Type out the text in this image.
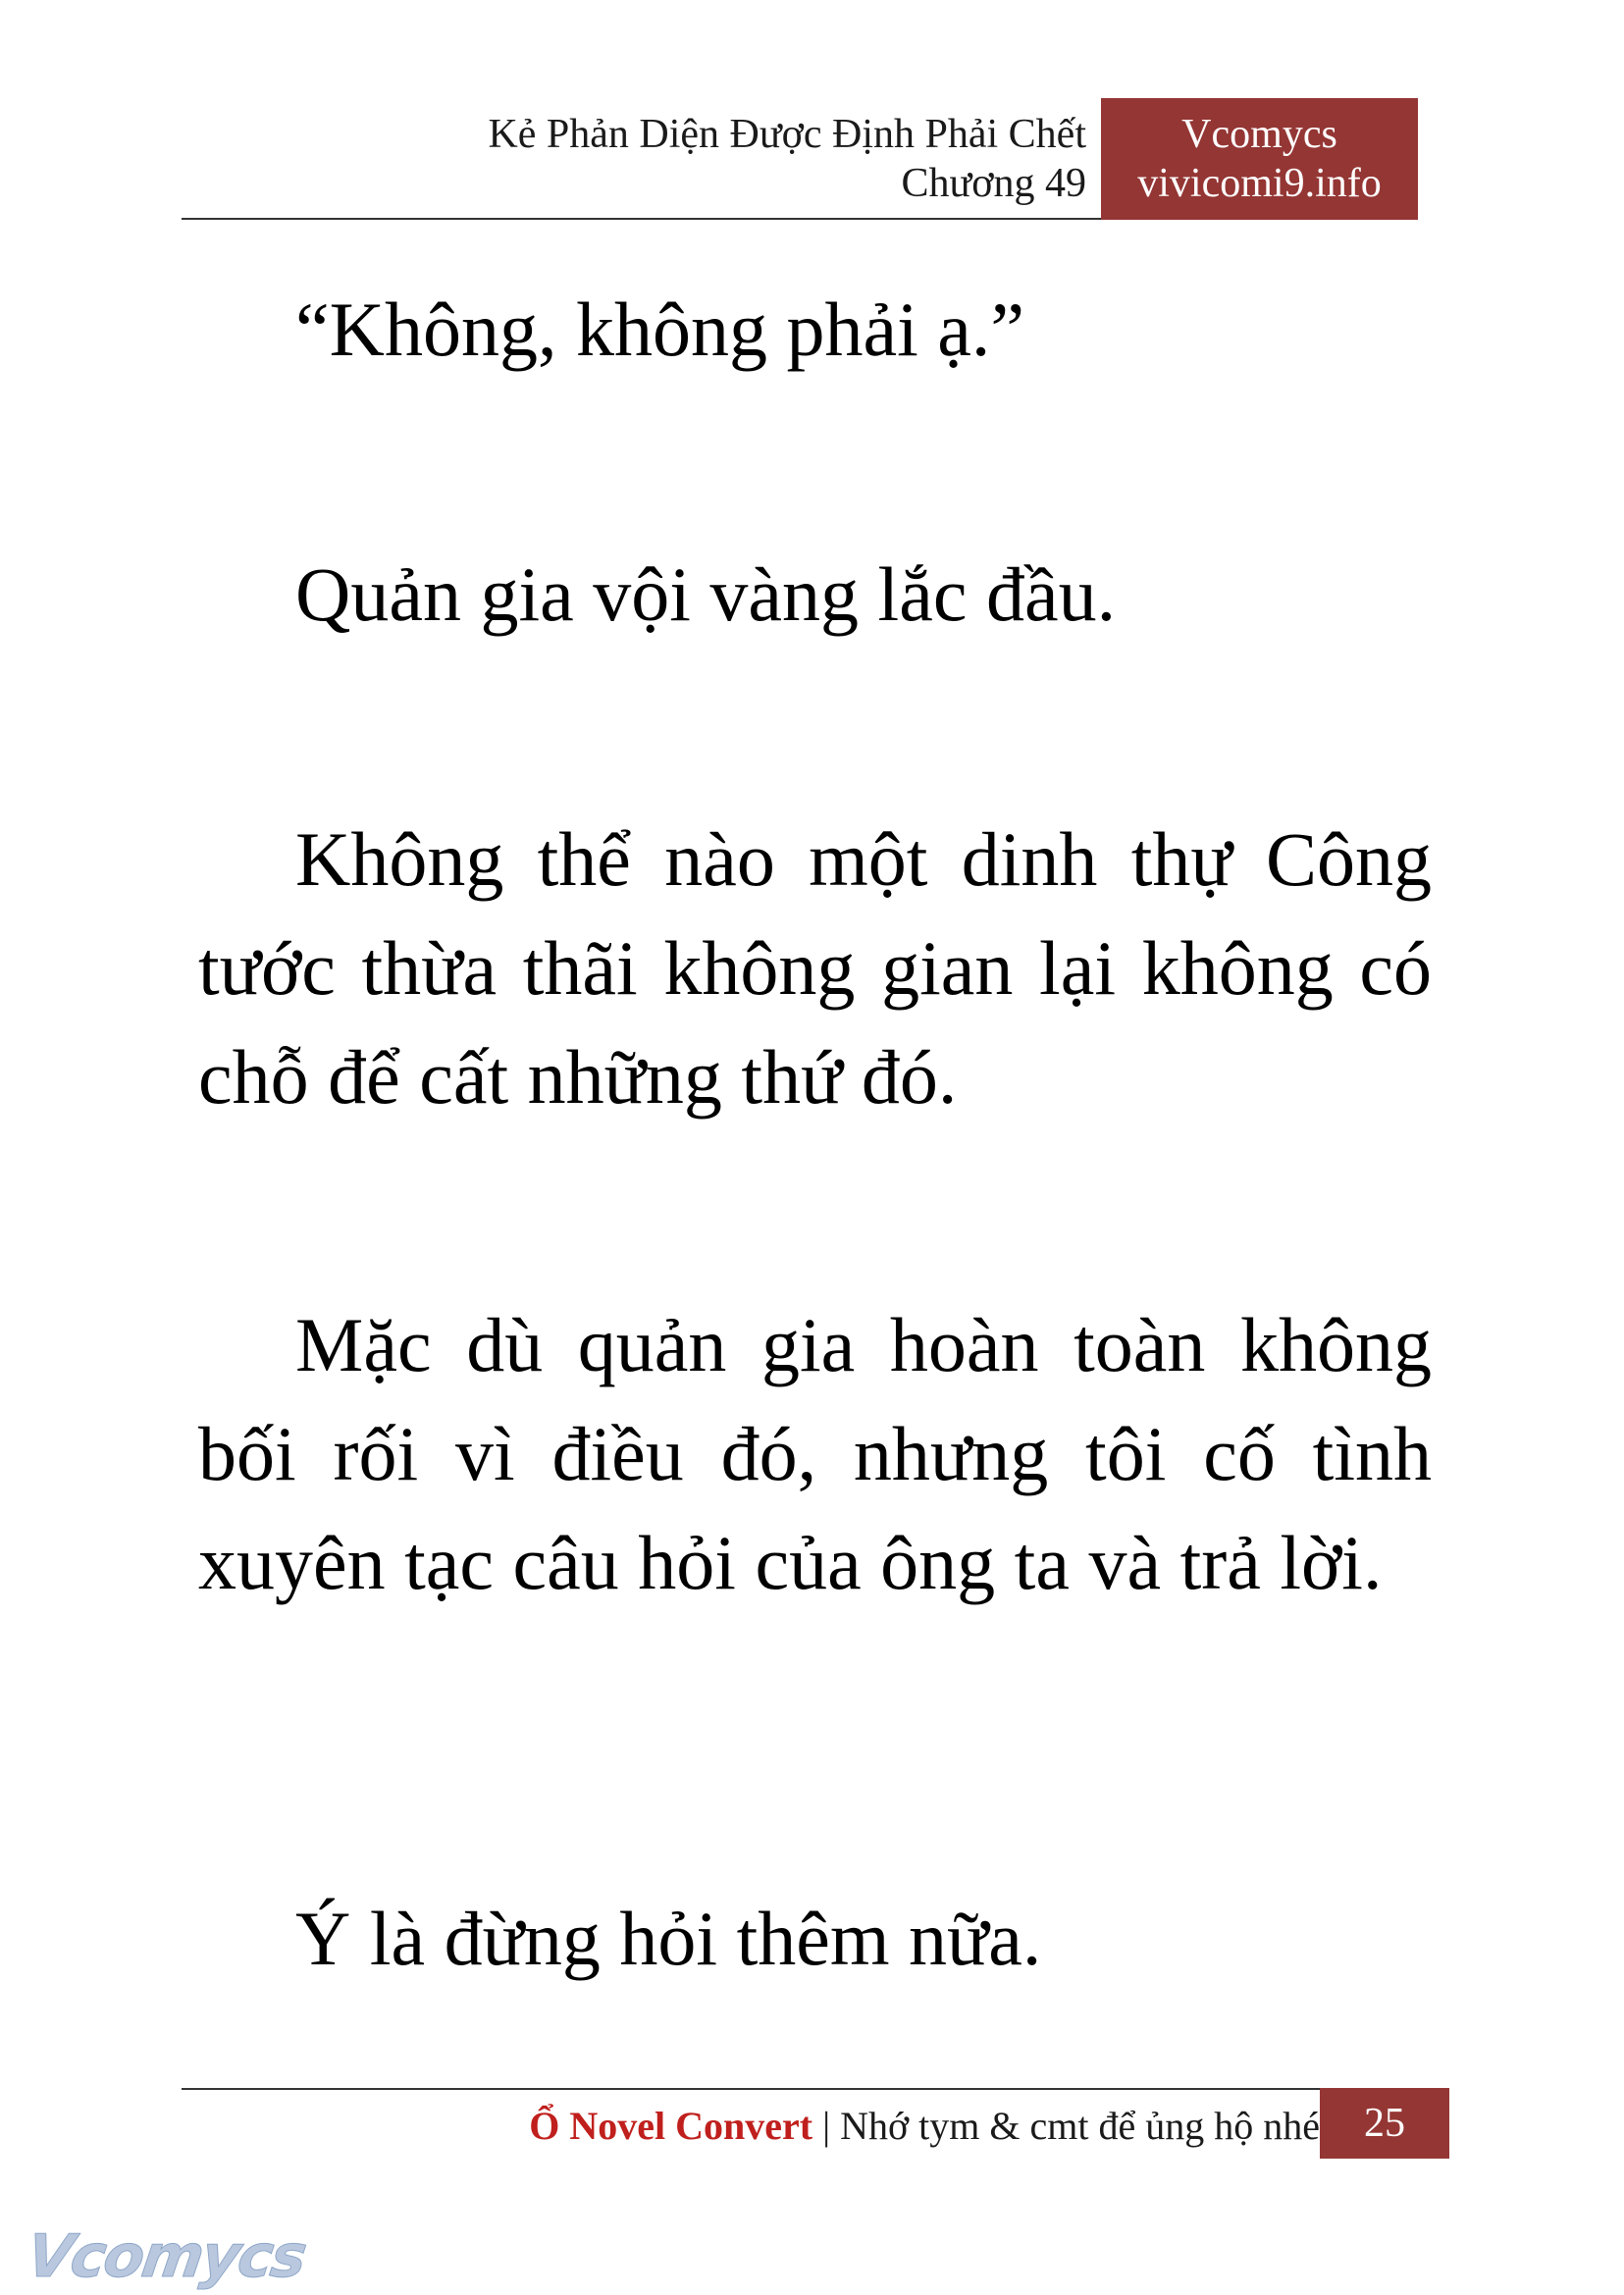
Kẻ Phản Diện Được Định Phải Chết
Chương 49
Vcomycs
vivicomi9.info

“Không, không phải ạ.”

Quản gia vội vàng lắc đầu.

Không thể nào một dinh thự Công tước thừa thãi không gian lại không có chỗ để cất những thứ đó.

Mặc dù quản gia hoàn toàn không bối rối vì điều đó, nhưng tôi cố tình xuyên tạc câu hỏi của ông ta và trả lời.

Ý là đừng hỏi thêm nữa.

Ổ Novel Convert | Nhớ tym & cmt để ủng hộ nhé	25
Vcomycs
